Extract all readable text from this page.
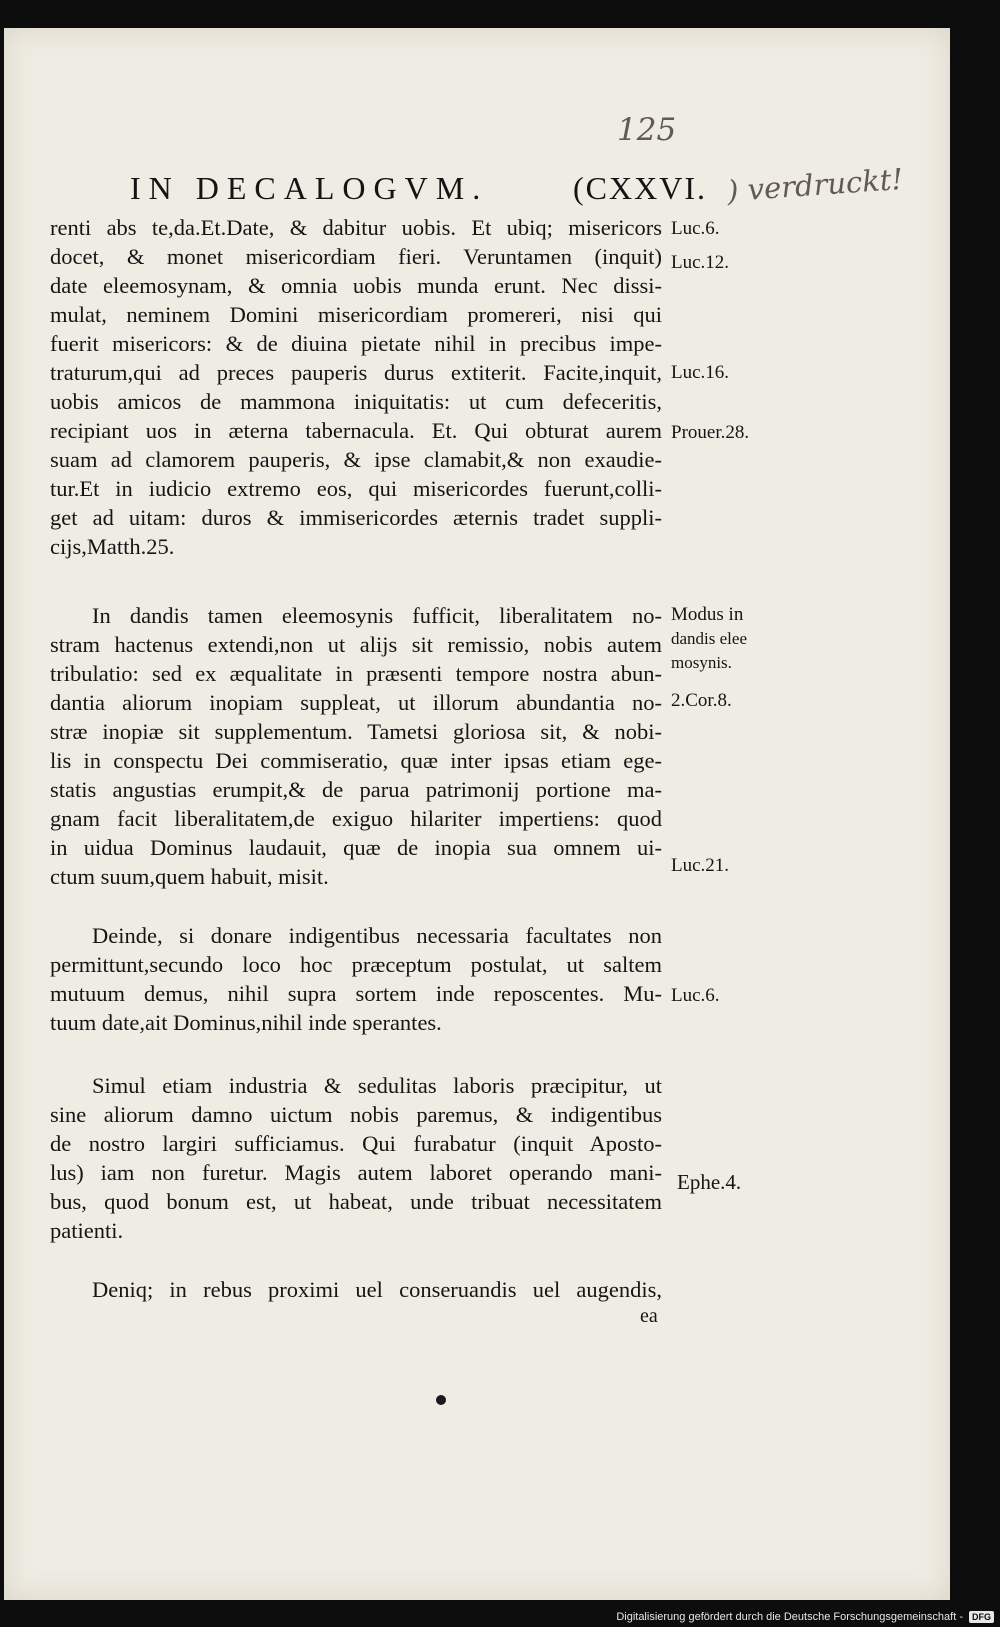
125
) verdruckt!
IN DECALOGVM.	(CXXVI.
renti abs te,da.Et.Date, & dabitur uobis. Et ubiq; misericors
docet, & monet misericordiam fieri. Veruntamen (inquit)
date eleemosynam, & omnia uobis munda erunt. Nec dissi-
mulat, neminem Domini misericordiam promereri, nisi qui
fuerit misericors: & de diuina pietate nihil in precibus impe-
traturum,qui ad preces pauperis durus extiterit. Facite,inquit,
uobis amicos de mammona iniquitatis: ut cum defeceritis,
recipiant uos in æterna tabernacula. Et. Qui obturat aurem
suam ad clamorem pauperis, & ipse clamabit,& non exaudie-
tur.Et in iudicio extremo eos, qui misericordes fuerunt,colli-
get ad uitam: duros & immisericordes æternis tradet suppli-
cijs,Matth.25.
In dandis tamen eleemosynis fufficit, liberalitatem no-
stram hactenus extendi,non ut alijs sit remissio, nobis autem
tribulatio: sed ex æqualitate in præsenti tempore nostra abun-
dantia aliorum inopiam suppleat, ut illorum abundantia no-
stræ inopiæ sit supplementum. Tametsi gloriosa sit, & nobi-
lis in conspectu Dei commiseratio, quæ inter ipsas etiam ege-
statis angustias erumpit,& de parua patrimonij portione ma-
gnam facit liberalitatem,de exiguo hilariter impertiens: quod
in uidua Dominus laudauit, quæ de inopia sua omnem ui-
ctum suum,quem habuit, misit.
Deinde, si donare indigentibus necessaria facultates non
permittunt,secundo loco hoc præceptum postulat, ut saltem
mutuum demus, nihil supra sortem inde reposcentes. Mu-
tuum date,ait Dominus,nihil inde sperantes.
Simul etiam industria & sedulitas laboris præcipitur, ut
sine aliorum damno uictum nobis paremus, & indigentibus
de nostro largiri sufficiamus. Qui furabatur (inquit Aposto-
lus) iam non furetur. Magis autem laboret operando mani-
bus, quod bonum est, ut habeat, unde tribuat necessitatem
patienti.
Deniq; in rebus proximi uel conseruandis uel augendis,
Luc.6.
Luc.12.
Luc.16.
Prouer.28.
Modus in
dandis elee
mosynis.
2.Cor.8.
Luc.21.
Luc.6.
Ephe.4.
ea
Digitalisierung gefördert durch die Deutsche Forschungsgemeinschaft -	DFG
